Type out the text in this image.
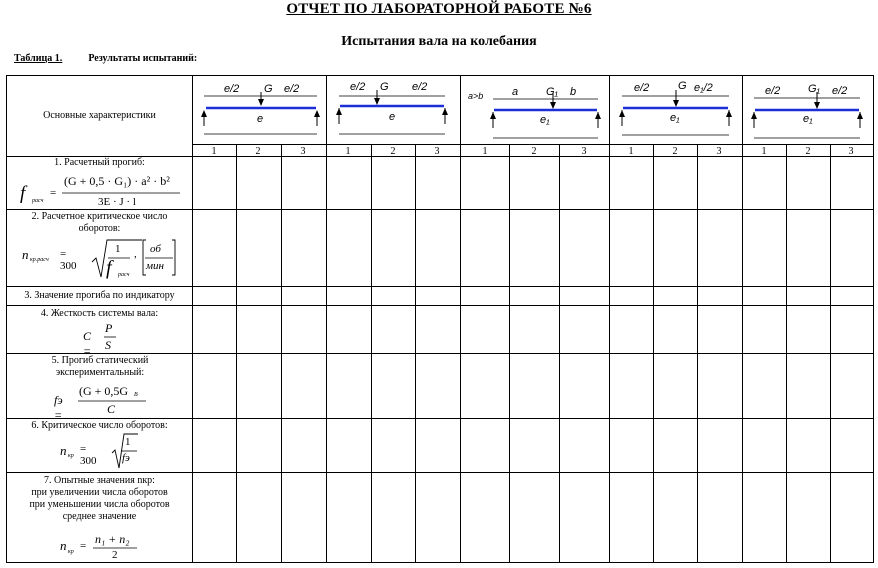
ОТЧЕТ ПО ЛАБОРАТОРНОЙ РАБОТЕ №6
Испытания вала на колебания
Таблица 1.	Результаты испытаний:
e/2 G e/2
e
e/2 G e/2
e
a>b	a	G₁ b
e₁
e/2	G e₁/2
e₁
e/2	G₁ e/2
e₁
1	2	3	1	2	3	1	2	3	1	2	3	1	2	3
Основные характеристики
1. Расчетный прогиб:
f расч
=
(G + 0,5 · G₁) · a² · b²
3E · J · l
2. Расчетное критическое число оборотов:
n кр.расч = 300
1
f расч
, об
мин
3. Значение прогиба по индикатору
4. Жесткость системы вала:
C =
P
S
5. Прогиб статический экспериментальный:
fэ =
(G + 0,5G В
C
6. Критическое число оборотов:
n кр
= 300
1
fэ
7. Опытные значения nкр:
при увеличении числа оборотов
при уменьшении числа оборотов
среднее значение
n кр = n₁ + n₂
2
